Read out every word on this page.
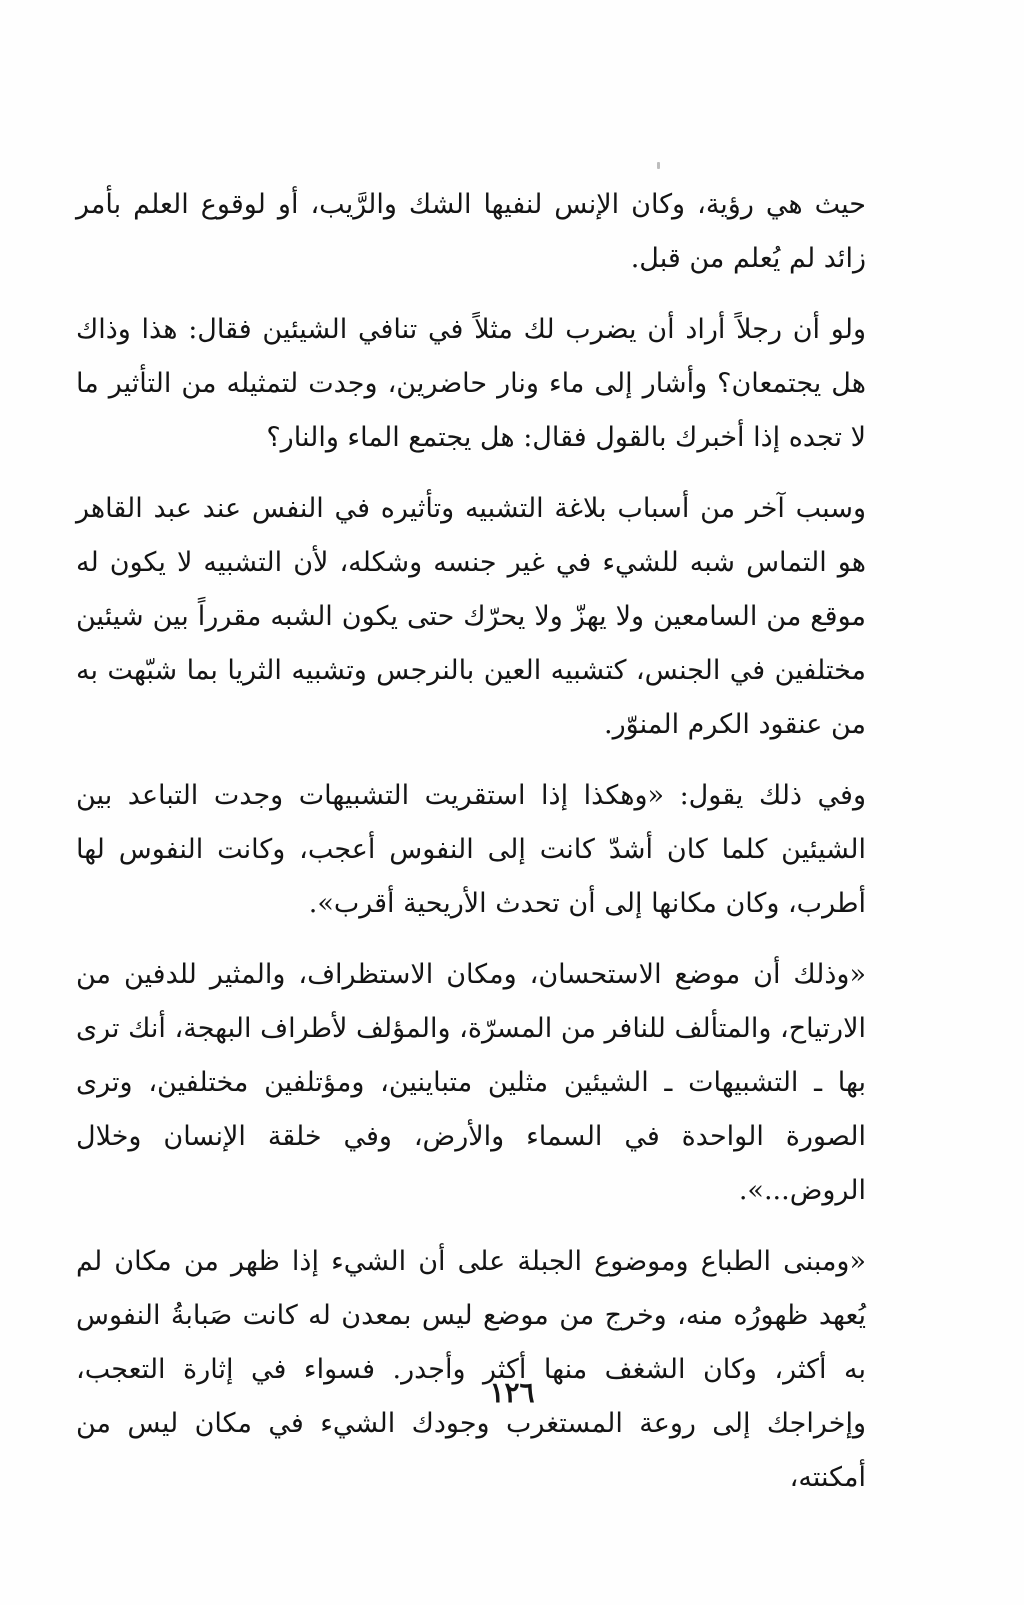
حيث هي رؤية، وكان الإنس لنفيها الشك والرَّيب، أو لوقوع العلم بأمر زائد لم يُعلم من قبل.

ولو أن رجلاً أراد أن يضرب لك مثلاً في تنافي الشيئين فقال: هذا وذاك هل يجتمعان؟ وأشار إلى ماء ونار حاضرين، وجدت لتمثيله من التأثير ما لا تجده إذا أخبرك بالقول فقال: هل يجتمع الماء والنار؟

وسبب آخر من أسباب بلاغة التشبيه وتأثيره في النفس عند عبد القاهر هو التماس شبه للشيء في غير جنسه وشكله، لأن التشبيه لا يكون له موقع من السامعين ولا يهزّ ولا يحرّك حتى يكون الشبه مقرراً بين شيئين مختلفين في الجنس، كتشبيه العين بالنرجس وتشبيه الثريا بما شبّهت به من عنقود الكرم المنوّر.

وفي ذلك يقول: «وهكذا إذا استقريت التشبيهات وجدت التباعد بين الشيئين كلما كان أشدّ كانت إلى النفوس أعجب، وكانت النفوس لها أطرب، وكان مكانها إلى أن تحدث الأريحية أقرب».

«وذلك أن موضع الاستحسان، ومكان الاستظراف، والمثير للدفين من الارتياح، والمتألف للنافر من المسرّة، والمؤلف لأطراف البهجة، أنك ترى بها ـ التشبيهات ـ الشيئين مثلين متباينين، ومؤتلفين مختلفين، وترى الصورة الواحدة في السماء والأرض، وفي خلقة الإنسان وخلال الروض...».

«ومبنى الطباع وموضوع الجبلة على أن الشيء إذا ظهر من مكان لم يُعهد ظهورُه منه، وخرج من موضع ليس بمعدن له كانت صَبابةُ النفوس به أكثر، وكان الشغف منها أكثر وأجدر. فسواء في إثارة التعجب، وإخراجك إلى روعة المستغرب وجودك الشيء في مكان ليس من أمكنته،

١٢٦
